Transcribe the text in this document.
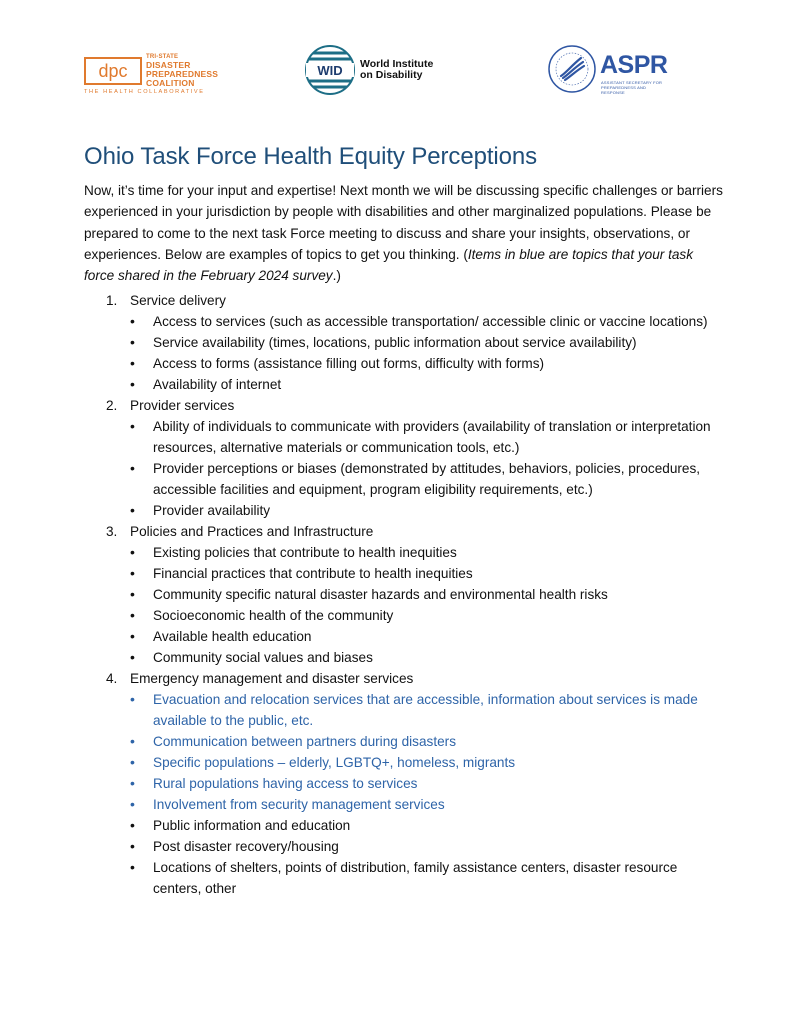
dpc
TRI-STATE
DISASTER
PREPAREDNESS
COALITION
THE HEALTH COLLABORATIVE
WID World Institute
on Disability	ASPR
ASSISTANT SECRETARY FOR PREPAREDNESS AND RESPONSE
Ohio Task Force Health Equity Perceptions

Now, it’s time for your input and expertise! Next month we will be discussing specific challenges or barriers experienced in your jurisdiction by people with disabilities and other marginalized populations. Please be prepared to come to the next task Force meeting to discuss and share your insights, observations, or experiences. Below are examples of topics to get you thinking. (Items in blue are topics that your task force shared in the February 2024 survey.)

1. Service delivery
• Access to services (such as accessible transportation/ accessible clinic or vaccine locations)
• Service availability (times, locations, public information about service availability)
• Access to forms (assistance filling out forms, difficulty with forms)
• Availability of internet
2. Provider services
• Ability of individuals to communicate with providers (availability of translation or interpretation resources, alternative materials or communication tools, etc.)
• Provider perceptions or biases (demonstrated by attitudes, behaviors, policies, procedures, accessible facilities and equipment, program eligibility requirements, etc.)
• Provider availability
3. Policies and Practices and Infrastructure
• Existing policies that contribute to health inequities
• Financial practices that contribute to health inequities
• Community specific natural disaster hazards and environmental health risks
• Socioeconomic health of the community
• Available health education
• Community social values and biases
4. Emergency management and disaster services
• Evacuation and relocation services that are accessible, information about services is made available to the public, etc.
• Communication between partners during disasters
• Specific populations – elderly, LGBTQ+, homeless, migrants
• Rural populations having access to services
• Involvement from security management services
• Public information and education
• Post disaster recovery/housing
• Locations of shelters, points of distribution, family assistance centers, disaster resource centers, other
